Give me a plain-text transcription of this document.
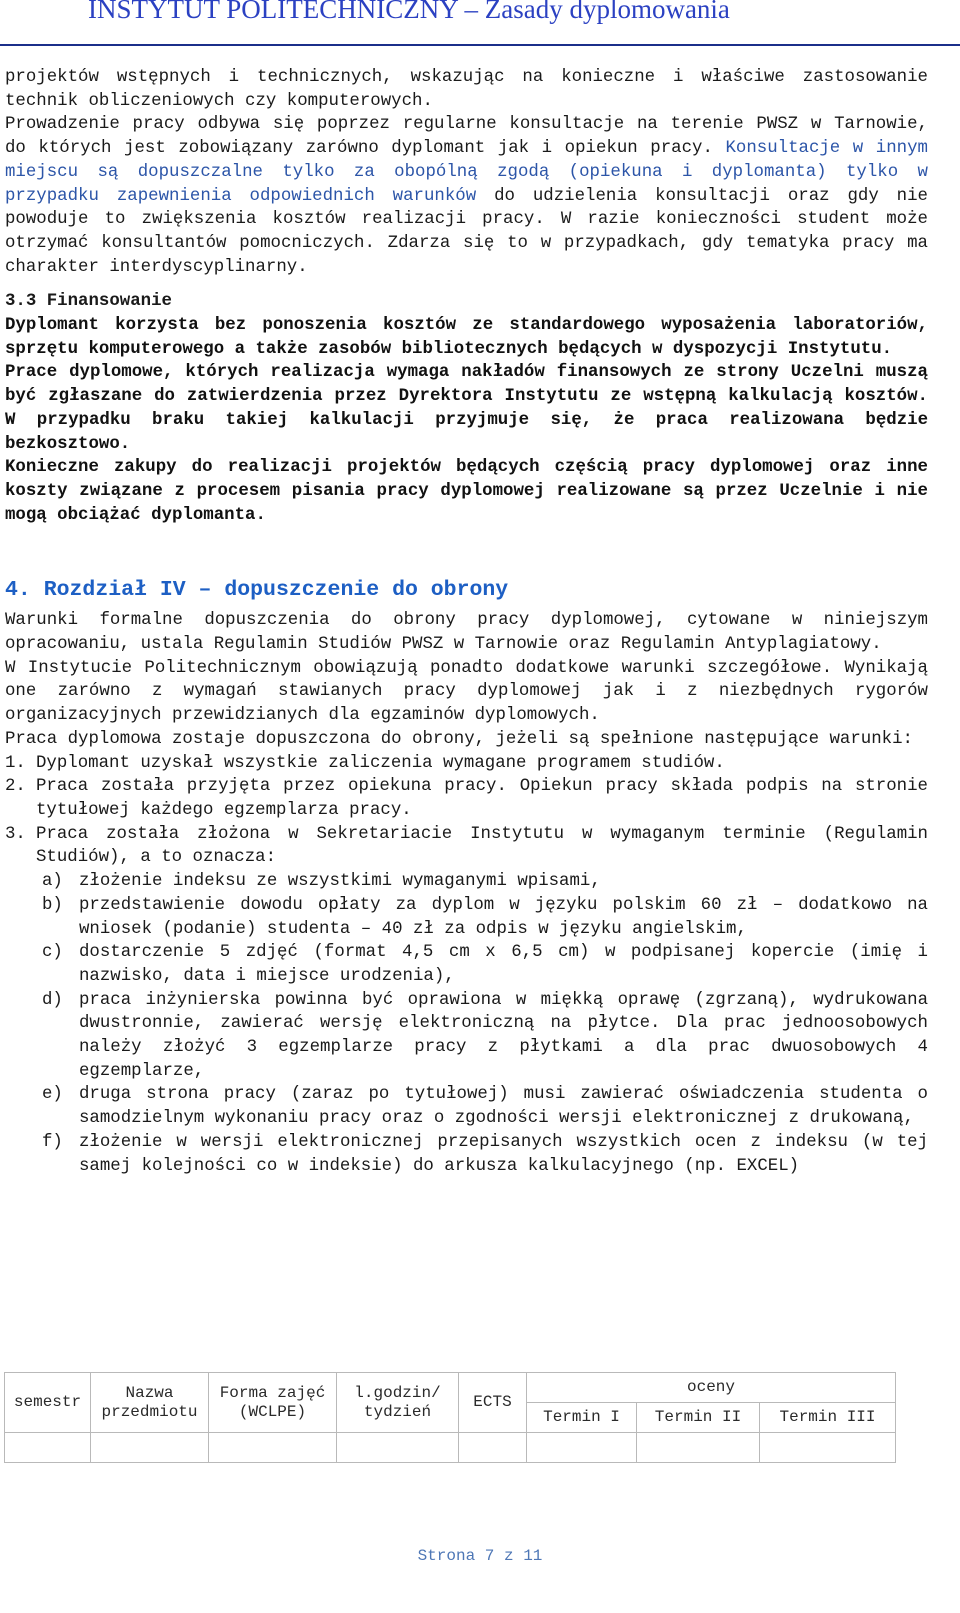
INSTYTUT POLITECHNICZNY – Zasady dyplomowania

projektów wstępnych i technicznych, wskazując na konieczne i właściwe zastosowanie technik obliczeniowych czy komputerowych.

Prowadzenie pracy odbywa się poprzez regularne konsultacje na terenie PWSZ w Tarnowie, do których jest zobowiązany zarówno dyplomant jak i opiekun pracy. Konsultacje w innym miejscu są dopuszczalne tylko za obopólną zgodą (opiekuna i dyplomanta) tylko w przypadku zapewnienia odpowiednich warunków do udzielenia konsultacji oraz gdy nie powoduje to zwiększenia kosztów realizacji pracy. W razie konieczności student może otrzymać konsultantów pomocniczych. Zdarza się to w przypadkach, gdy tematyka pracy ma charakter interdyscyplinarny.

3.3 Finansowanie

Dyplomant korzysta bez ponoszenia kosztów ze standardowego wyposażenia laboratoriów, sprzętu komputerowego a także zasobów bibliotecznych będących w dyspozycji Instytutu.

Prace dyplomowe, których realizacja wymaga nakładów finansowych ze strony Uczelni muszą być zgłaszane do zatwierdzenia przez Dyrektora Instytutu ze wstępną kalkulacją kosztów. W przypadku braku takiej kalkulacji przyjmuje się, że praca realizowana będzie bezkosztowo.

Konieczne zakupy do realizacji projektów będących częścią pracy dyplomowej oraz inne koszty związane z procesem pisania pracy dyplomowej realizowane są przez Uczelnie i nie mogą obciążać dyplomanta.

4. Rozdział IV – dopuszczenie do obrony

Warunki formalne dopuszczenia do obrony pracy dyplomowej, cytowane w niniejszym opracowaniu, ustala Regulamin Studiów PWSZ w Tarnowie oraz Regulamin Antyplagiatowy.

W Instytucie Politechnicznym obowiązują ponadto dodatkowe warunki szczegółowe. Wynikają one zarówno z wymagań stawianych pracy dyplomowej jak i z niezbędnych rygorów organizacyjnych przewidzianych dla egzaminów dyplomowych.

Praca dyplomowa zostaje dopuszczona do obrony, jeżeli są spełnione następujące warunki:

1. Dyplomant uzyskał wszystkie zaliczenia wymagane programem studiów.
2. Praca została przyjęta przez opiekuna pracy. Opiekun pracy składa podpis na stronie tytułowej każdego egzemplarza pracy.
3. Praca została złożona w Sekretariacie Instytutu w wymaganym terminie (Regulamin Studiów), a to oznacza:
a) złożenie indeksu ze wszystkimi wymaganymi wpisami,
b) przedstawienie dowodu opłaty za dyplom w języku polskim 60 zł – dodatkowo na wniosek (podanie) studenta – 40 zł za odpis w języku angielskim,
c) dostarczenie 5 zdjęć (format 4,5 cm x 6,5 cm) w podpisanej kopercie (imię i nazwisko, data i miejsce urodzenia),
d) praca inżynierska powinna być oprawiona w miękką oprawę (zgrzaną), wydrukowana dwustronnie, zawierać wersję elektroniczną na płytce. Dla prac jednoosobowych należy złożyć 3 egzemplarze pracy z płytkami a dla prac dwuosobowych 4 egzemplarze,
e) druga strona pracy (zaraz po tytułowej) musi zawierać oświadczenia studenta o samodzielnym wykonaniu pracy oraz o zgodności wersji elektronicznej z drukowaną,
f) złożenie w wersji elektronicznej przepisanych wszystkich ocen z indeksu (w tej samej kolejności co w indeksie) do arkusza kalkulacyjnego (np. EXCEL)
semestr	Nazwa przedmiotu	Forma zajęć (WCLPE)	l.godzin/ tydzień	ECTS	oceny		
					Termin I	Termin II	Termin III

Strona 7 z 11
